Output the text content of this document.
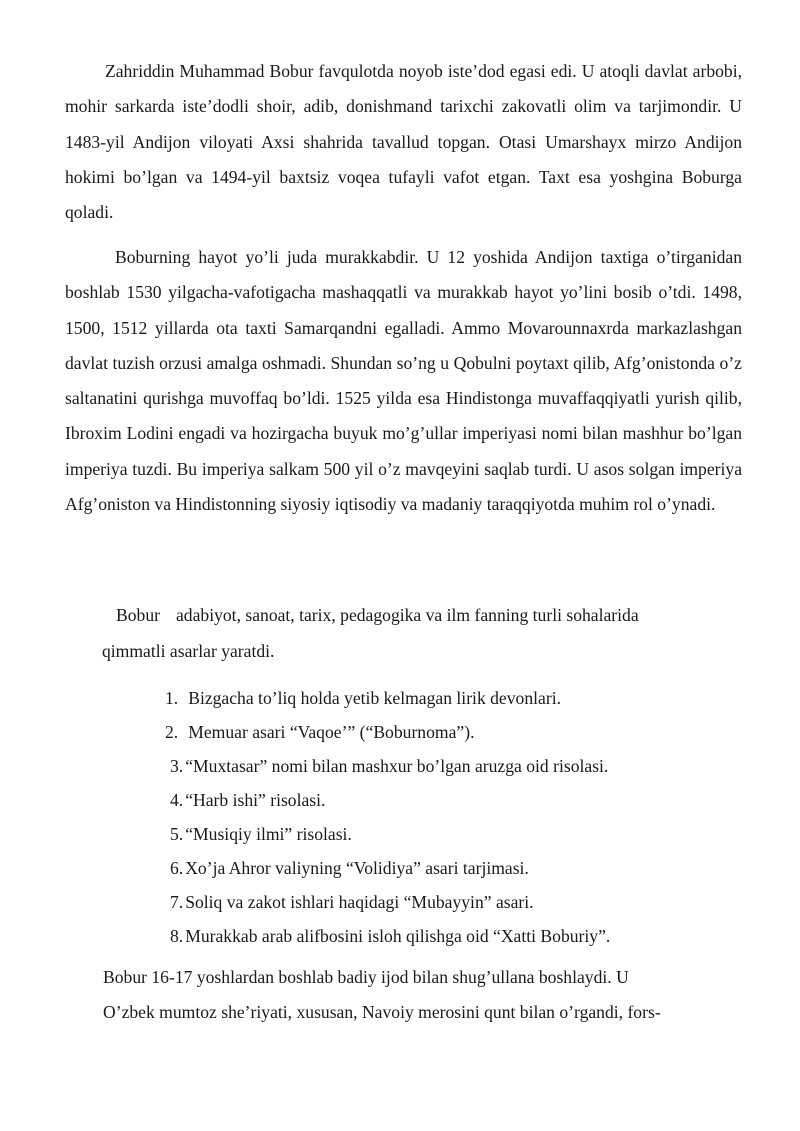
Zahriddin Muhammad Bobur favqulotda noyob iste’dod egasi edi. U atoqli davlat arbobi, mohir sarkarda iste’dodli shoir, adib, donishmand tarixchi zakovatli olim va tarjimondir. U 1483-yil Andijon viloyati Axsi shahrida tavallud topgan. Otasi Umarshayx mirzo Andijon hokimi bo’lgan va 1494-yil baxtsiz voqea tufayli vafot etgan. Taxt esa yoshgina Boburga qoladi.

Boburning hayot yo’li juda murakkabdir. U 12 yoshida Andijon taxtiga o’tirganidan boshlab 1530 yilgacha-vafotigacha mashaqqatli va murakkab hayot yo’lini bosib o’tdi. 1498, 1500, 1512 yillarda ota taxti Samarqandni egalladi. Ammo Movarounnaxrda markazlashgan davlat tuzish orzusi amalga oshmadi. Shundan so’ng u Qobulni poytaxt qilib, Afg’onistonda o’z saltanatini qurishga muvoffaq bo’ldi. 1525 yilda esa Hindistonga muvaffaqqiyatli yurish qilib, Ibroxim Lodini engadi va hozirgacha buyuk mo’g’ullar imperiyasi nomi bilan mashhur bo’lgan imperiya tuzdi. Bu imperiya salkam 500 yil o’z mavqeyini saqlab turdi. U asos solgan imperiya Afg’oniston va Hindistonning siyosiy iqtisodiy va madaniy taraqqiyotda muhim rol o’ynadi.

Bobur adabiyot, sanoat, tarix, pedagogika va ilm fanning turli sohalarida

qimmatli asarlar yaratdi.

1. Bizgacha to’liq holda yetib kelmagan lirik devonlari.

2. Memuar asari “Vaqoe’” (“Boburnoma”).

3. “Muxtasar” nomi bilan mashxur bo’lgan aruzga oid risolasi.

4. “Harb ishi” risolasi.

5. “Musiqiy ilmi” risolasi.

6. Xo’ja Ahror valiyning “Volidiya” asari tarjimasi.

7. Soliq va zakot ishlari haqidagi “Mubayyin” asari.

8. Murakkab arab alifbosini isloh qilishga oid “Xatti Boburiy”.

Bobur 16-17 yoshlardan boshlab badiy ijod bilan shug’ullana boshlaydi. U
O’zbek mumtoz she’riyati, xususan, Navoiy merosini qunt bilan o’rgandi, fors-
